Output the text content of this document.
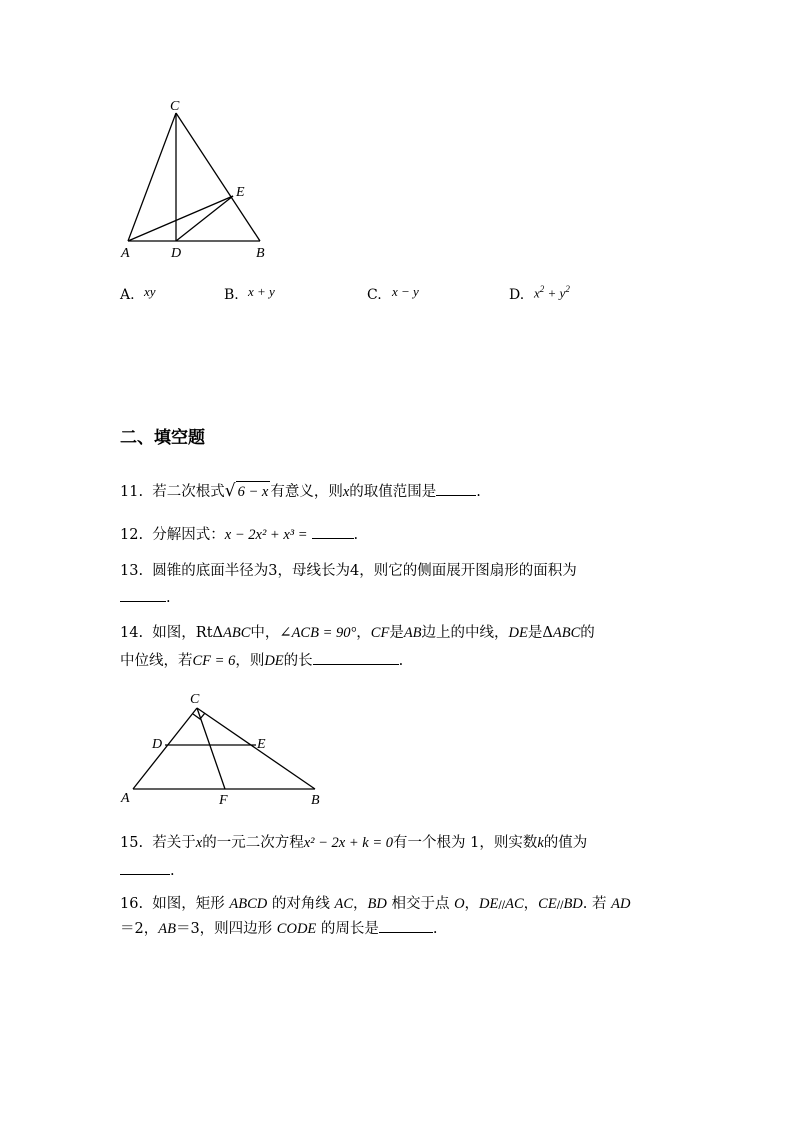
C
E
A	D	B
A. xy	B. x + y	C. x − y	D. $x^2 + y^2$
二、填空题
11. 若二次根式√ 6 − x 有意义，则x的取值范围是	.
12. 分解因式：x − 2x² + x³ =	.
13. 圆锥的底面半径为3，母线长为4，则它的侧面展开图扇形的面积为
.
14. 如图，RtΔABC中，∠ACB = 90°，CF是AB边上的中线，DE是ΔABC的
中位线，若CF = 6，则DE的长	.
C
D	E
A	F	B
15. 若关于x的一元二次方程x² − 2x + k = 0有一个根为 1，则实数k的值为
.
16. 如图，矩形 ABCD 的对角线 AC，BD 相交于点 O，DE//AC，CE//BD. 若 AD
＝2，AB＝3，则四边形 CODE 的周长是	.
